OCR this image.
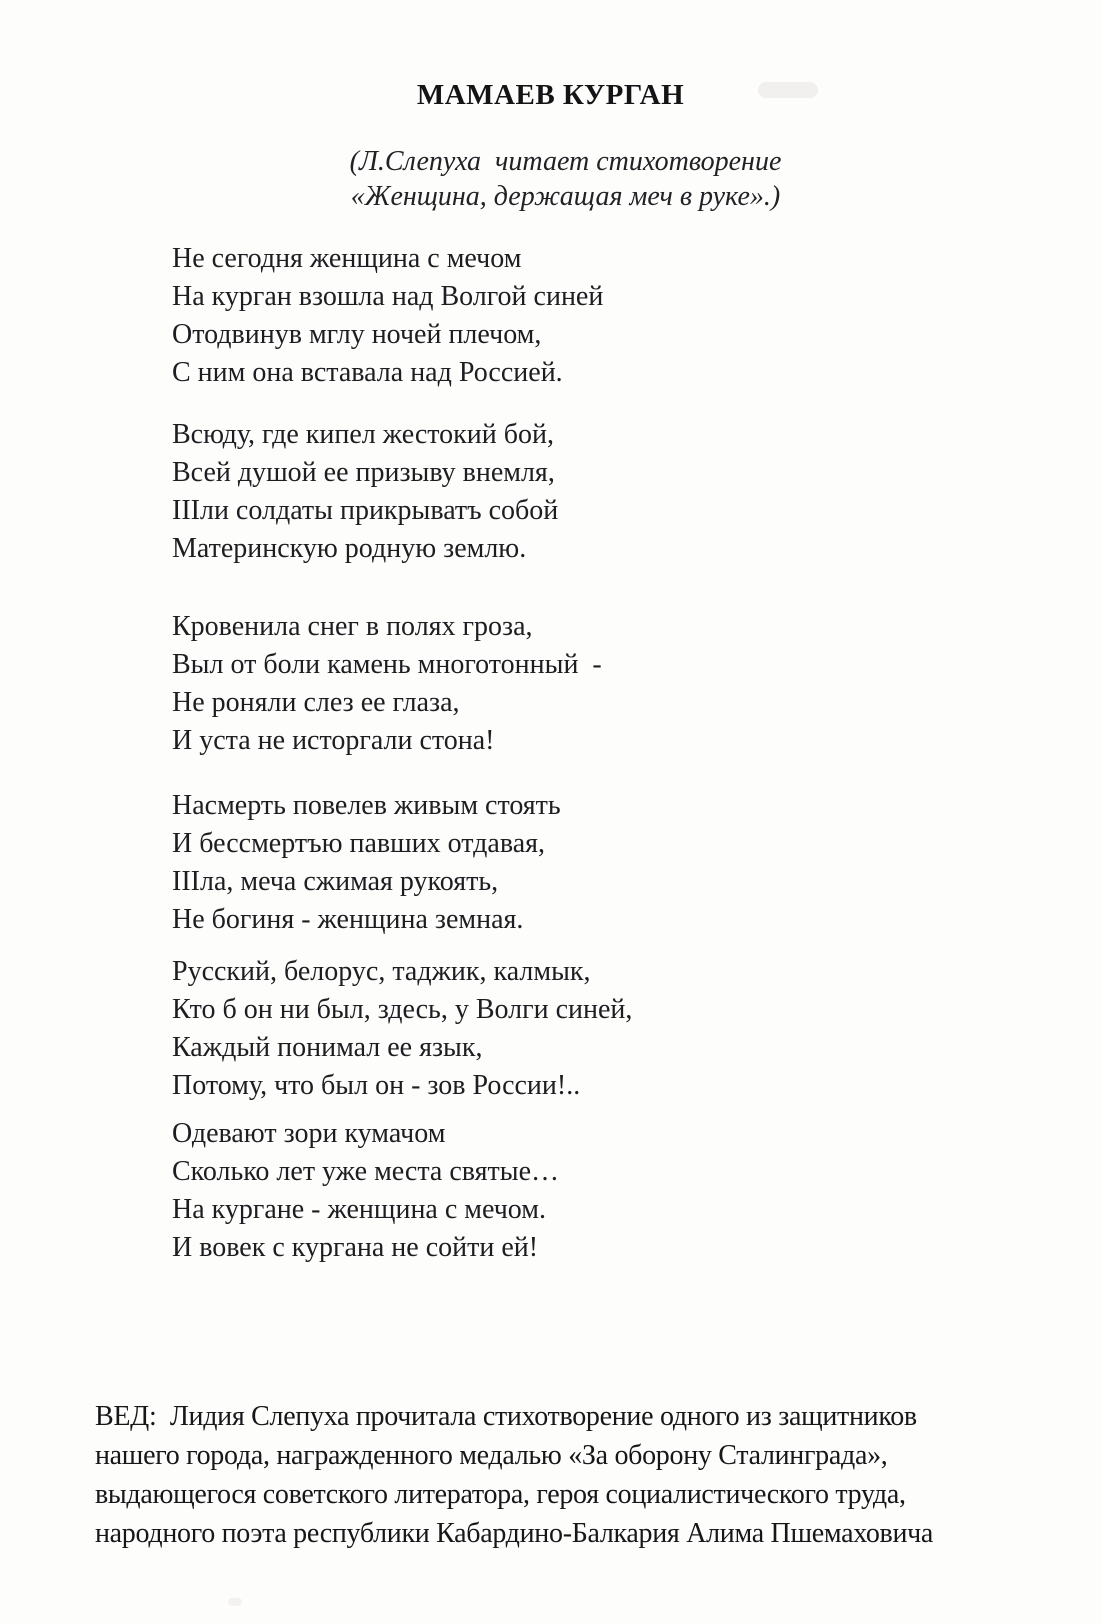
МАМАЕВ КУРГАН
(Л.Слепуха  читает стихотворение
«Женщина, держащая меч в руке».)
Не сегодня женщина с мечом
На курган взошла над Волгой синей
Отодвинув мглу ночей плечом,
С ним она вставала над Россией.
Всюду, где кипел жестокий бой,
Всей душой ее призыву внемля,
IIIли солдаты прикрыватъ собой
Материнскую родную землю.
Кровенила снег в полях гроза,
Выл от боли камень многотонный  -
Не роняли слез ее глаза,
И уста не исторгали стона!
Насмерть повелев живым стоять
И бессмертъю павших отдавая,
IIIла, меча сжимая рукоять,
Не богиня - женщина земная.
Русский, белорус, таджик, калмык,
Кто б он ни был, здесь, у Волги синей,
Каждый понимал ее язык,
Потому, что был он - зов России!..
Одевают зори кумачом
Сколько лет уже места святые…
На кургане - женщина с мечом.
И вовек с кургана не сойти ей!
ВЕД:  Лидия Слепуха прочитала стихотворение одного из защитников
нашего города, награжденного медалью «За оборону Сталинграда»,
выдающегося советского литератора, героя социалистического труда,
народного поэта республики Кабардино-Балкария Алима Пшемаховича
